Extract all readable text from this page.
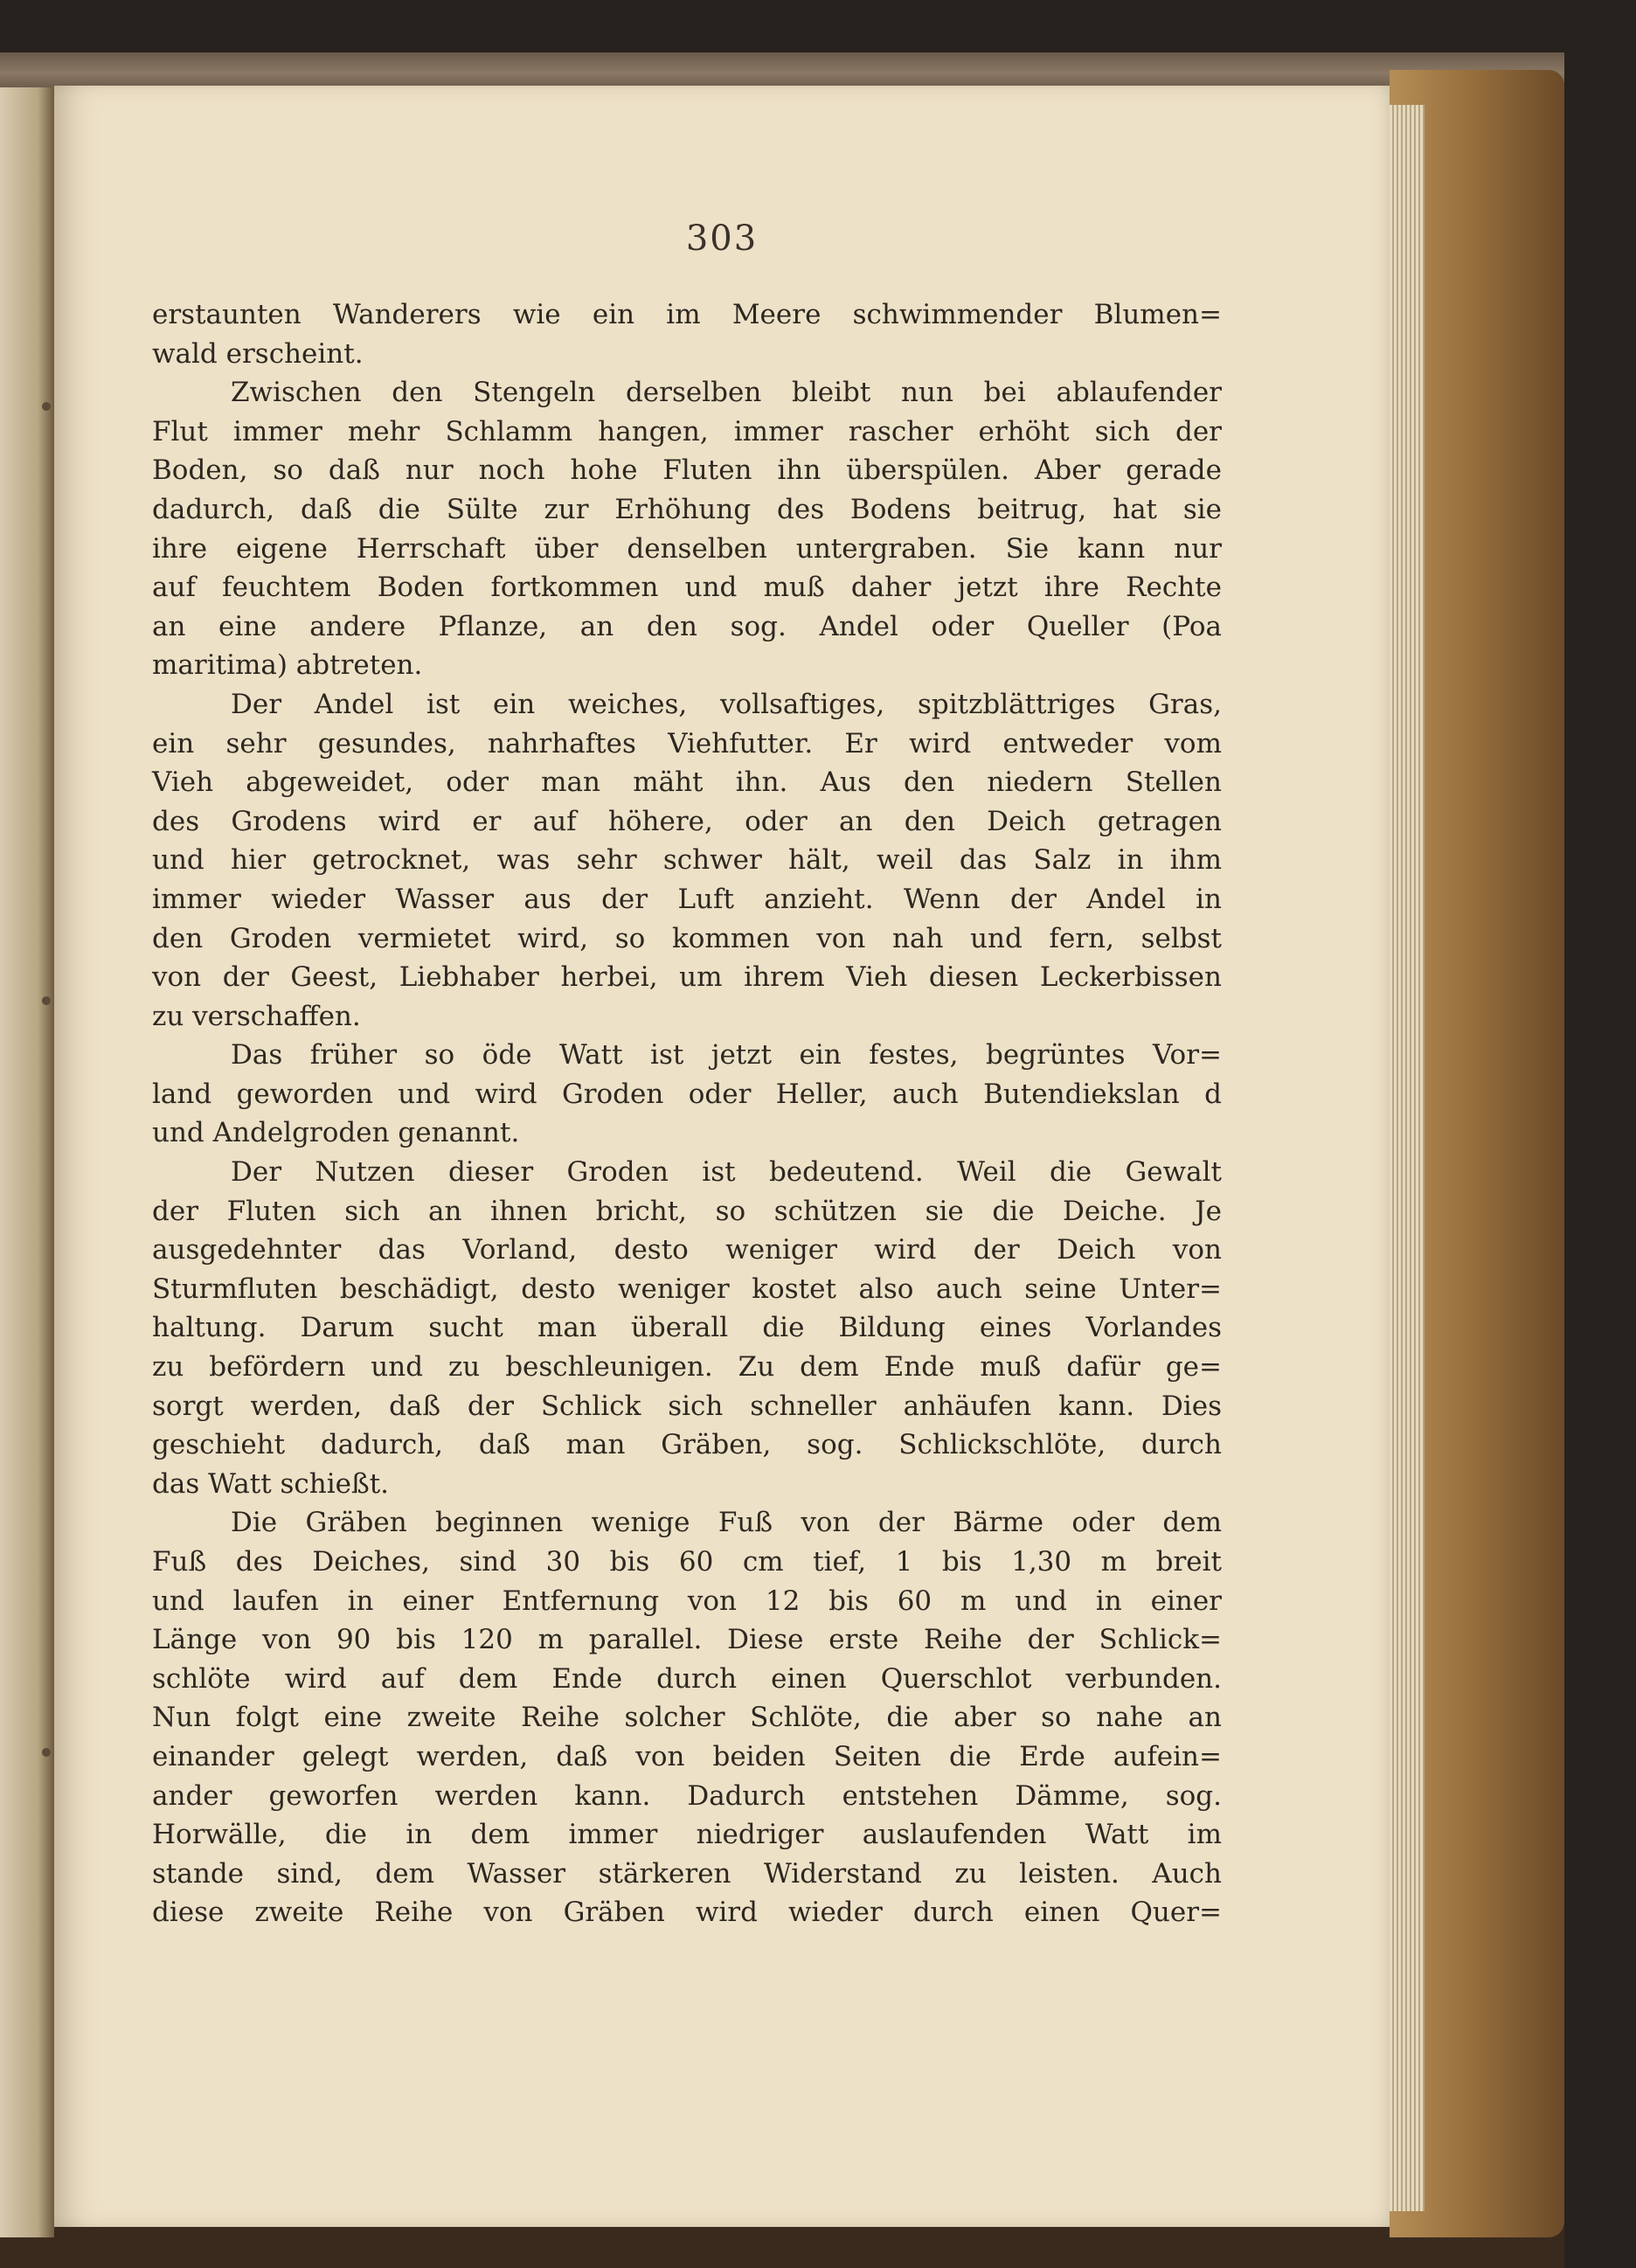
303
erstaunten Wanderers wie ein im Meere schwimmender Blumen=
wald erscheint.
Zwischen den Stengeln derselben bleibt nun bei ablaufender
Flut immer mehr Schlamm hangen, immer rascher erhöht sich der
Boden, so daß nur noch hohe Fluten ihn überspülen. Aber gerade
dadurch, daß die Sülte zur Erhöhung des Bodens beitrug, hat sie
ihre eigene Herrschaft über denselben untergraben. Sie kann nur
auf feuchtem Boden fortkommen und muß daher jetzt ihre Rechte
an eine andere Pflanze, an den sog. Andel oder Queller (Poa
maritima) abtreten.
Der Andel ist ein weiches, vollsaftiges, spitzblättriges Gras,
ein sehr gesundes, nahrhaftes Viehfutter. Er wird entweder vom
Vieh abgeweidet, oder man mäht ihn. Aus den niedern Stellen
des Grodens wird er auf höhere, oder an den Deich getragen
und hier getrocknet, was sehr schwer hält, weil das Salz in ihm
immer wieder Wasser aus der Luft anzieht. Wenn der Andel in
den Groden vermietet wird, so kommen von nah und fern, selbst
von der Geest, Liebhaber herbei, um ihrem Vieh diesen Leckerbissen
zu verschaffen.
Das früher so öde Watt ist jetzt ein festes, begrüntes Vor=
land geworden und wird Groden oder Heller, auch Butendiekslan d
und Andelgroden genannt.
Der Nutzen dieser Groden ist bedeutend. Weil die Gewalt
der Fluten sich an ihnen bricht, so schützen sie die Deiche. Je
ausgedehnter das Vorland, desto weniger wird der Deich von
Sturmfluten beschädigt, desto weniger kostet also auch seine Unter=
haltung. Darum sucht man überall die Bildung eines Vorlandes
zu befördern und zu beschleunigen. Zu dem Ende muß dafür ge=
sorgt werden, daß der Schlick sich schneller anhäufen kann. Dies
geschieht dadurch, daß man Gräben, sog. Schlickschlöte, durch
das Watt schießt.
Die Gräben beginnen wenige Fuß von der Bärme oder dem
Fuß des Deiches, sind 30 bis 60 cm tief, 1 bis 1,30 m breit
und laufen in einer Entfernung von 12 bis 60 m und in einer
Länge von 90 bis 120 m parallel. Diese erste Reihe der Schlick=
schlöte wird auf dem Ende durch einen Querschlot verbunden.
Nun folgt eine zweite Reihe solcher Schlöte, die aber so nahe an
einander gelegt werden, daß von beiden Seiten die Erde aufein=
ander geworfen werden kann. Dadurch entstehen Dämme, sog.
Horwälle, die in dem immer niedriger auslaufenden Watt im
stande sind, dem Wasser stärkeren Widerstand zu leisten. Auch
diese zweite Reihe von Gräben wird wieder durch einen Quer=
